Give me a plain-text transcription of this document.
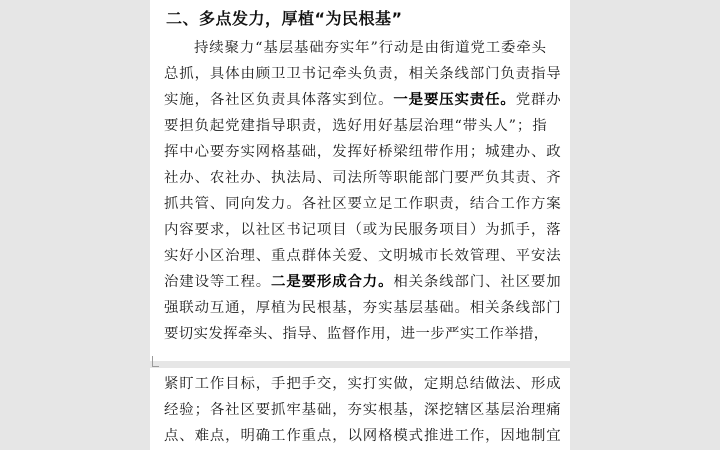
二、多点发力，厚植“为民根基”
持续聚力“基层基础夯实年”行动是由街道党工委牵头
总抓，具体由顾卫卫书记牵头负责，相关条线部门负责指导
实施，各社区负责具体落实到位。一是要压实责任。党群办
要担负起党建指导职责，选好用好基层治理“带头人”；指
挥中心要夯实网格基础，发挥好桥梁纽带作用；城建办、政
社办、农社办、执法局、司法所等职能部门要严负其责、齐
抓共管、同向发力。各社区要立足工作职责，结合工作方案
内容要求，以社区书记项目（或为民服务项目）为抓手，落
实好小区治理、重点群体关爱、文明城市长效管理、平安法
治建设等工程。二是要形成合力。相关条线部门、社区要加
强联动互通，厚植为民根基，夯实基层基础。相关条线部门
要切实发挥牵头、指导、监督作用，进一步严实工作举措，
紧盯工作目标，手把手交，实打实做，定期总结做法、形成
经验；各社区要抓牢基础，夯实根基，深挖辖区基层治理痛
点、难点，明确工作重点，以网格模式推进工作，因地制宜
